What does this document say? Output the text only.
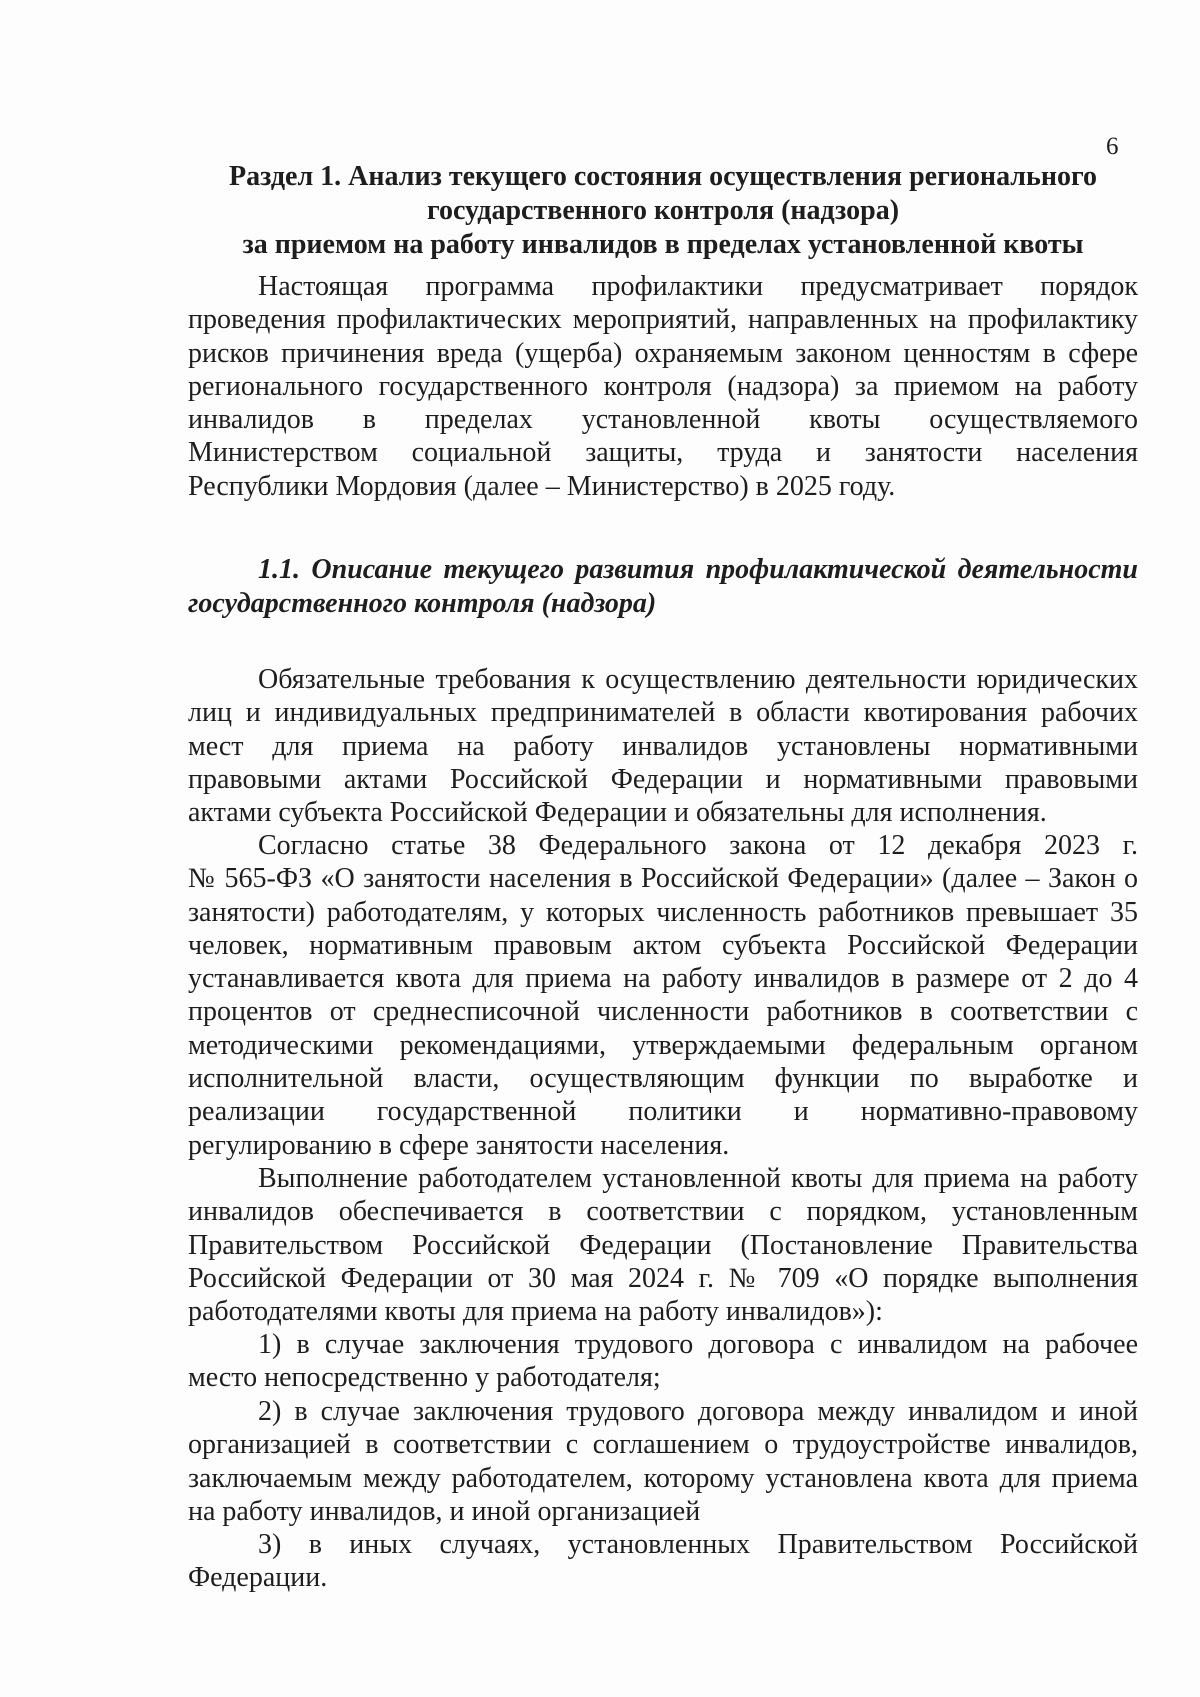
6
Раздел 1. Анализ текущего состояния осуществления регионального
государственного контроля (надзора)
за приемом на работу инвалидов в пределах установленной квоты
Настоящая программа профилактики предусматривает порядок
проведения профилактических мероприятий, направленных на профилактику
рисков причинения вреда (ущерба) охраняемым законом ценностям в сфере
регионального государственного контроля (надзора) за приемом на работу
инвалидов в пределах установленной квоты осуществляемого
Министерством социальной защиты, труда и занятости населения
Республики Мордовия (далее – Министерство) в 2025 году.
1.1. Описание текущего развития профилактической деятельности
государственного контроля (надзора)
Обязательные требования к осуществлению деятельности юридических
лиц и индивидуальных предпринимателей в области квотирования рабочих
мест для приема на работу инвалидов установлены нормативными
правовыми актами Российской Федерации и нормативными правовыми
актами субъекта Российской Федерации и обязательны для исполнения.
Согласно статье 38 Федерального закона от 12 декабря 2023 г.
№ 565-ФЗ «О занятости населения в Российской Федерации» (далее – Закон о
занятости) работодателям, у которых численность работников превышает 35
человек, нормативным правовым актом субъекта Российской Федерации
устанавливается квота для приема на работу инвалидов в размере от 2 до 4
процентов от среднесписочной численности работников в соответствии с
методическими рекомендациями, утверждаемыми федеральным органом
исполнительной власти, осуществляющим функции по выработке и
реализации государственной политики и нормативно-правовому
регулированию в сфере занятости населения.
Выполнение работодателем установленной квоты для приема на работу
инвалидов обеспечивается в соответствии с порядком, установленным
Правительством Российской Федерации (Постановление Правительства
Российской Федерации от 30 мая 2024 г. № 709 «О порядке выполнения
работодателями квоты для приема на работу инвалидов»):
1) в случае заключения трудового договора с инвалидом на рабочее
место непосредственно у работодателя;
2) в случае заключения трудового договора между инвалидом и иной
организацией в соответствии с соглашением о трудоустройстве инвалидов,
заключаемым между работодателем, которому установлена квота для приема
на работу инвалидов, и иной организацией
3) в иных случаях, установленных Правительством Российской
Федерации.
